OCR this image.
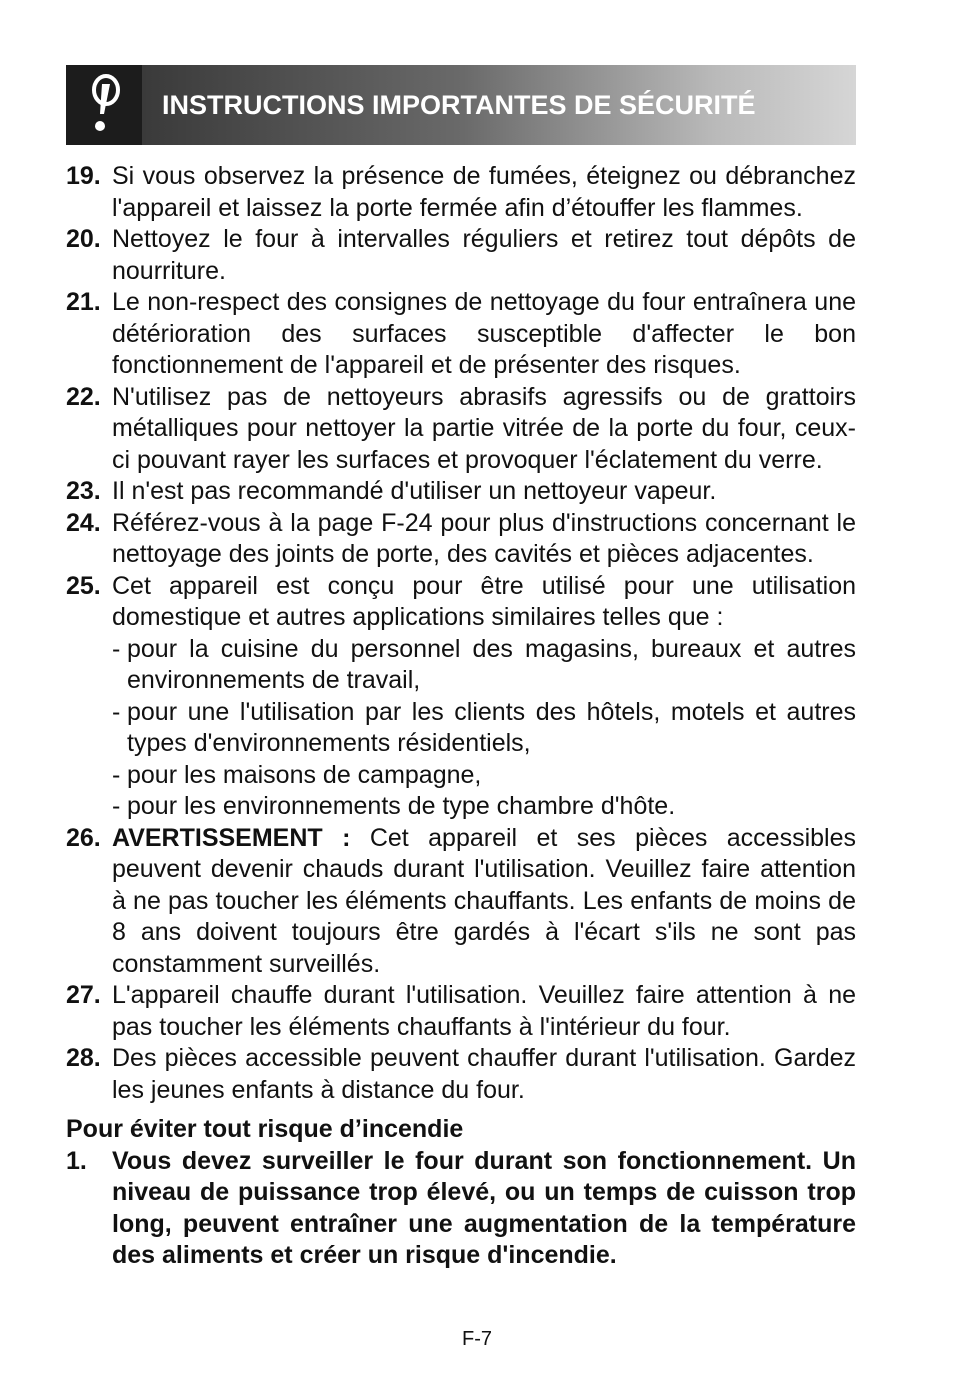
INSTRUCTIONS IMPORTANTES DE SÉCURITÉ
19. Si vous observez la présence de fumées, éteignez ou débranchez l'appareil et laissez la porte fermée afin d’étouffer les flammes.
20. Nettoyez le four à intervalles réguliers et retirez tout dépôts de nourriture.
21. Le non-respect des consignes de nettoyage du four entraînera une détérioration des surfaces susceptible d'affecter le bon fonctionnement de l'appareil et de présenter des risques.
22. N'utilisez pas de nettoyeurs abrasifs agressifs ou de grattoirs métalliques pour nettoyer la partie vitrée de la porte du four, ceux-ci pouvant rayer les surfaces et provoquer l'éclatement du verre.
23. Il n'est pas recommandé d'utiliser un nettoyeur vapeur.
24. Référez-vous à la page F-24 pour plus d'instructions concernant le nettoyage des joints de porte, des cavités et pièces adjacentes.
25. Cet appareil est conçu pour être utilisé pour une utilisation domestique et autres applications similaires telles que :
- pour la cuisine du personnel des magasins, bureaux et autres environnements de travail,
- pour une l'utilisation par les clients des hôtels, motels et autres types d'environnements résidentiels,
- pour les maisons de campagne,
- pour les environnements de type chambre d'hôte.
26. AVERTISSEMENT : Cet appareil et ses pièces accessibles peuvent devenir chauds durant l'utilisation. Veuillez faire attention à ne pas toucher les éléments chauffants. Les enfants de moins de 8 ans doivent toujours être gardés à l'écart s'ils ne sont pas constamment surveillés.
27. L'appareil chauffe durant l'utilisation. Veuillez faire attention à ne pas toucher les éléments chauffants à l'intérieur du four.
28. Des pièces accessible peuvent chauffer durant l'utilisation. Gardez les jeunes enfants à distance du four.
Pour éviter tout risque d’incendie
1.	Vous devez surveiller le four durant son fonctionnement. Un niveau de puissance trop élevé, ou un temps de cuisson trop long, peuvent entraîner une augmentation de la température des aliments et créer un risque d'incendie.
F-7
